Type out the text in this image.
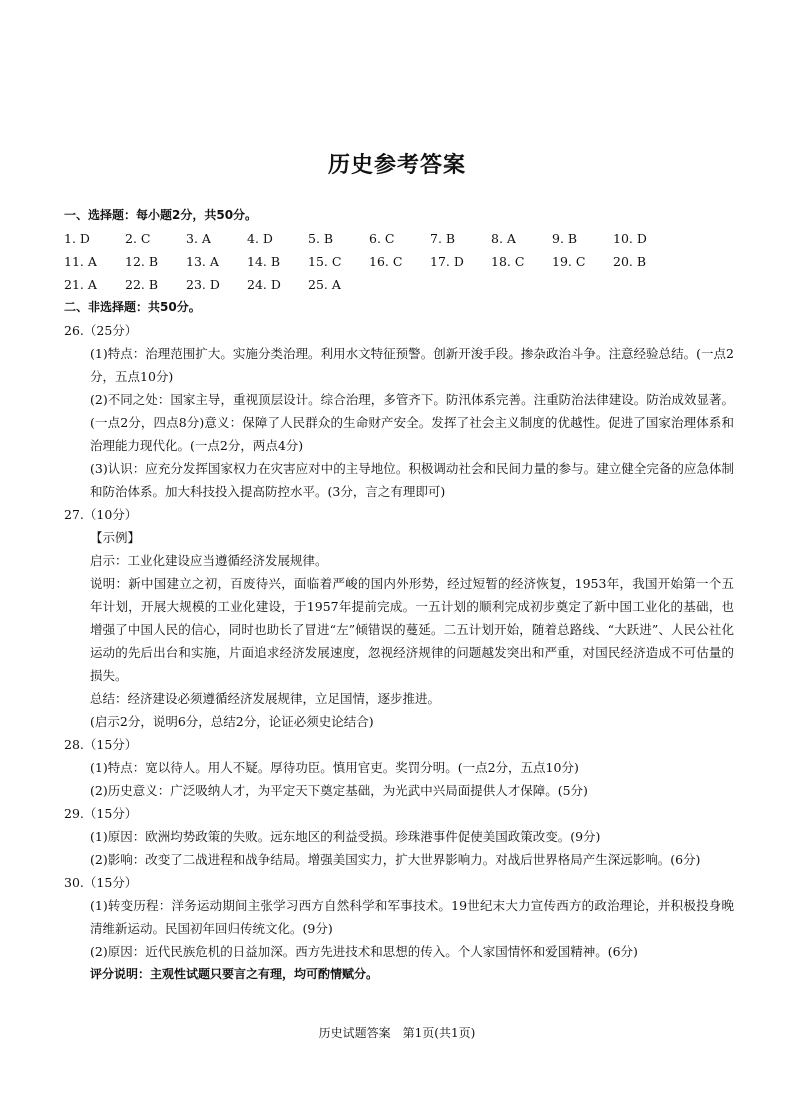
历史参考答案
一、选择题：每小题2分，共50分。
1. D	2. C	3. A	4. D	5. B	6. C	7. B	8. A	9. B	10. D
11. A	12. B	13. A	14. B	15. C	16. C	17. D	18. C	19. C	20. B
21. A	22. B	23. D	24. D	25. A
二、非选择题：共50分。
26.（25分）
(1)特点：治理范围扩大。实施分类治理。利用水文特征预警。创新开浚手段。掺杂政治斗争。注意经验总结。(一点2分，五点10分)
(2)不同之处：国家主导，重视顶层设计。综合治理，多管齐下。防汛体系完善。注重防治法律建设。防治成效显著。(一点2分，四点8分)意义：保障了人民群众的生命财产安全。发挥了社会主义制度的优越性。促进了国家治理体系和治理能力现代化。(一点2分，两点4分)
(3)认识：应充分发挥国家权力在灾害应对中的主导地位。积极调动社会和民间力量的参与。建立健全完备的应急体制和防治体系。加大科技投入提高防控水平。(3分，言之有理即可)
27.（10分）
【示例】
启示：工业化建设应当遵循经济发展规律。
说明：新中国建立之初，百废待兴，面临着严峻的国内外形势，经过短暂的经济恢复，1953年，我国开始第一个五年计划，开展大规模的工业化建设，于1957年提前完成。一五计划的顺利完成初步奠定了新中国工业化的基础，也增强了中国人民的信心，同时也助长了冒进“左”倾错误的蔓延。二五计划开始，随着总路线、“大跃进”、人民公社化运动的先后出台和实施，片面追求经济发展速度，忽视经济规律的问题越发突出和严重，对国民经济造成不可估量的损失。
总结：经济建设必须遵循经济发展规律，立足国情，逐步推进。
(启示2分，说明6分，总结2分，论证必须史论结合)
28.（15分）
(1)特点：宽以待人。用人不疑。厚待功臣。慎用官吏。奖罚分明。(一点2分，五点10分)
(2)历史意义：广泛吸纳人才，为平定天下奠定基础，为光武中兴局面提供人才保障。(5分)
29.（15分）
(1)原因：欧洲均势政策的失败。远东地区的利益受损。珍珠港事件促使美国政策改变。(9分)
(2)影响：改变了二战进程和战争结局。增强美国实力，扩大世界影响力。对战后世界格局产生深远影响。(6分)
30.（15分）
(1)转变历程：洋务运动期间主张学习西方自然科学和军事技术。19世纪末大力宣传西方的政治理论，并积极投身晚清维新运动。民国初年回归传统文化。(9分)
(2)原因：近代民族危机的日益加深。西方先进技术和思想的传入。个人家国情怀和爱国精神。(6分)
评分说明：主观性试题只要言之有理，均可酌情赋分。
历史试题答案　第1页(共1页)
